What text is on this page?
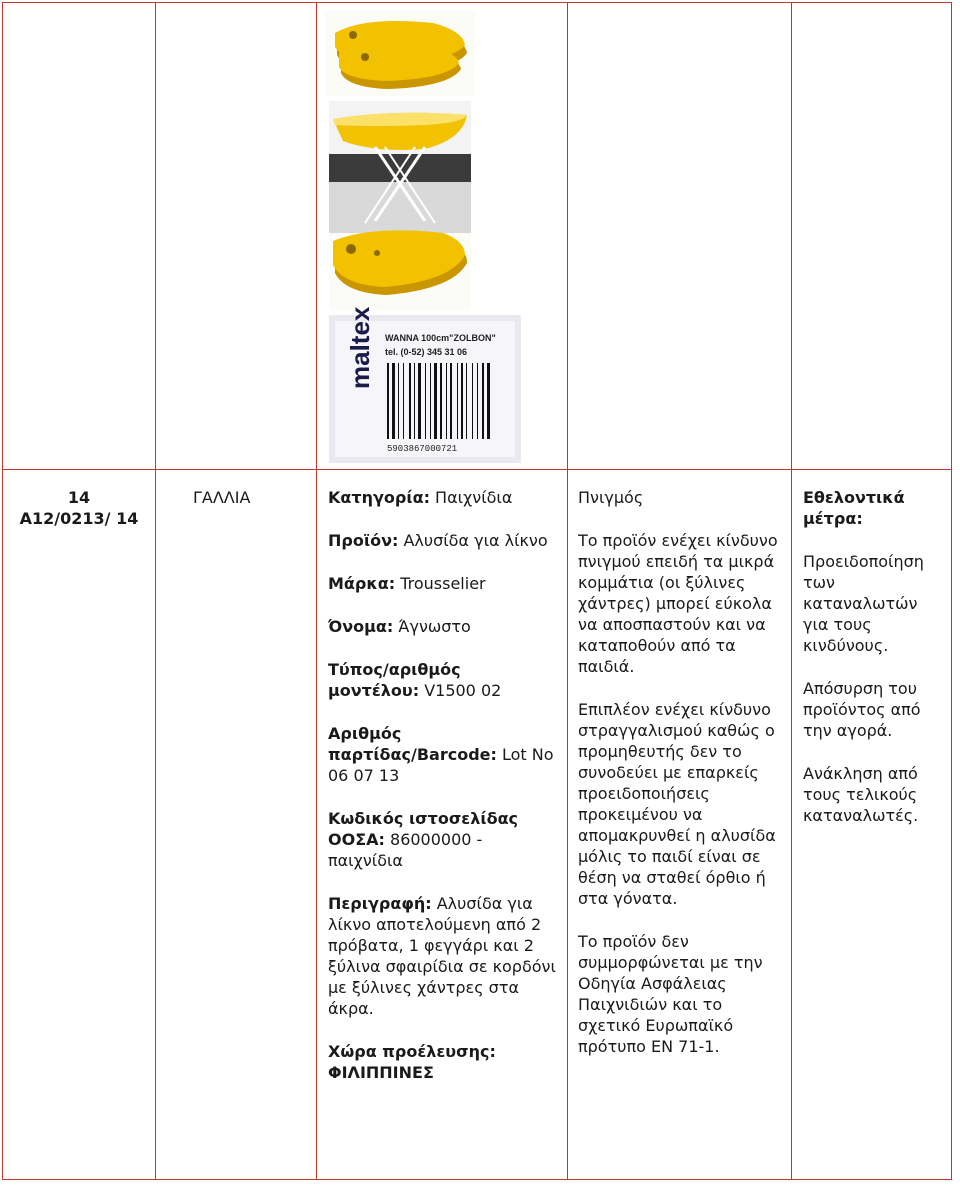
maltex WANNA 100cm"ZOLBON"
tel. (0-52) 345 31 06
5903867000721
14
A12/0213/ 14
ΓΑΛΛΙΑ	Κατηγορία: Παιχνίδια
Προϊόν: Αλυσίδα για λίκνο
Μάρκα: Trousselier
Όνομα: Άγνωστο
Τύπος/αριθμός μοντέλου: V1500 02
Αριθμός παρτίδας/Barcode: Lot No 06 07 13
Κωδικός ιστοσελίδας ΟΟΣΑ: 86000000 - παιχνίδια
Περιγραφή: Αλυσίδα για λίκνο αποτελούμενη από 2 πρόβατα, 1 φεγγάρι και 2 ξύλινα σφαιρίδια σε κορδόνι με ξύλινες χάντρες στα άκρα.
Χώρα προέλευσης: ΦΙΛΙΠΠΙΝΕΣ
Πνιγμός
Το προϊόν ενέχει κίνδυνο πνιγμού επειδή τα μικρά κομμάτια (οι ξύλινες χάντρες) μπορεί εύκολα να αποσπαστούν και να καταποθούν από τα παιδιά.
Επιπλέον ενέχει κίνδυνο στραγγαλισμού καθώς ο προμηθευτής δεν το συνοδεύει με επαρκείς προειδοποιήσεις προκειμένου να απομακρυνθεί η αλυσίδα μόλις το παιδί είναι σε θέση να σταθεί όρθιο ή στα γόνατα.
Το προϊόν δεν συμμορφώνεται με την Οδηγία Ασφάλειας Παιχνιδιών και το σχετικό Ευρωπαϊκό πρότυπο EN 71-1.
Εθελοντικά μέτρα:
Προειδοποίηση των καταναλωτών για τους κινδύνους.
Απόσυρση του προϊόντος από την αγορά.
Ανάκληση από τους τελικούς καταναλωτές.
